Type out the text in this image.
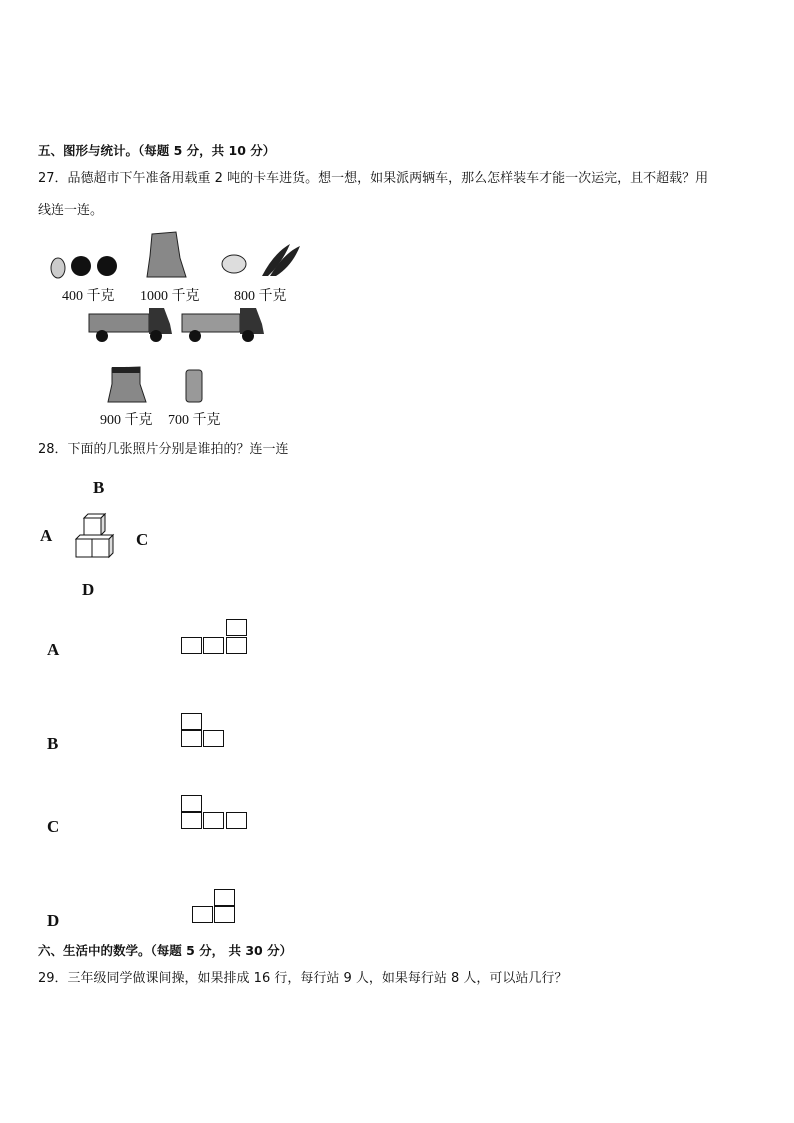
五、图形与统计。（每题 5 分，共 10 分）
27．品德超市下午准备用载重 2 吨的卡车进货。想一想，如果派两辆车，那么怎样装车才能一次运完，且不超载？用
线连一连。
400 千克 1000 千克 800 千克
900 千克 700 千克
28．下面的几张照片分别是谁拍的？连一连
B
A	C
D
A
B
C
D
六、生活中的数学。（每题 5 分， 共 30 分）
29．三年级同学做课间操，如果排成 16 行，每行站 9 人，如果每行站 8 人，可以站几行？
